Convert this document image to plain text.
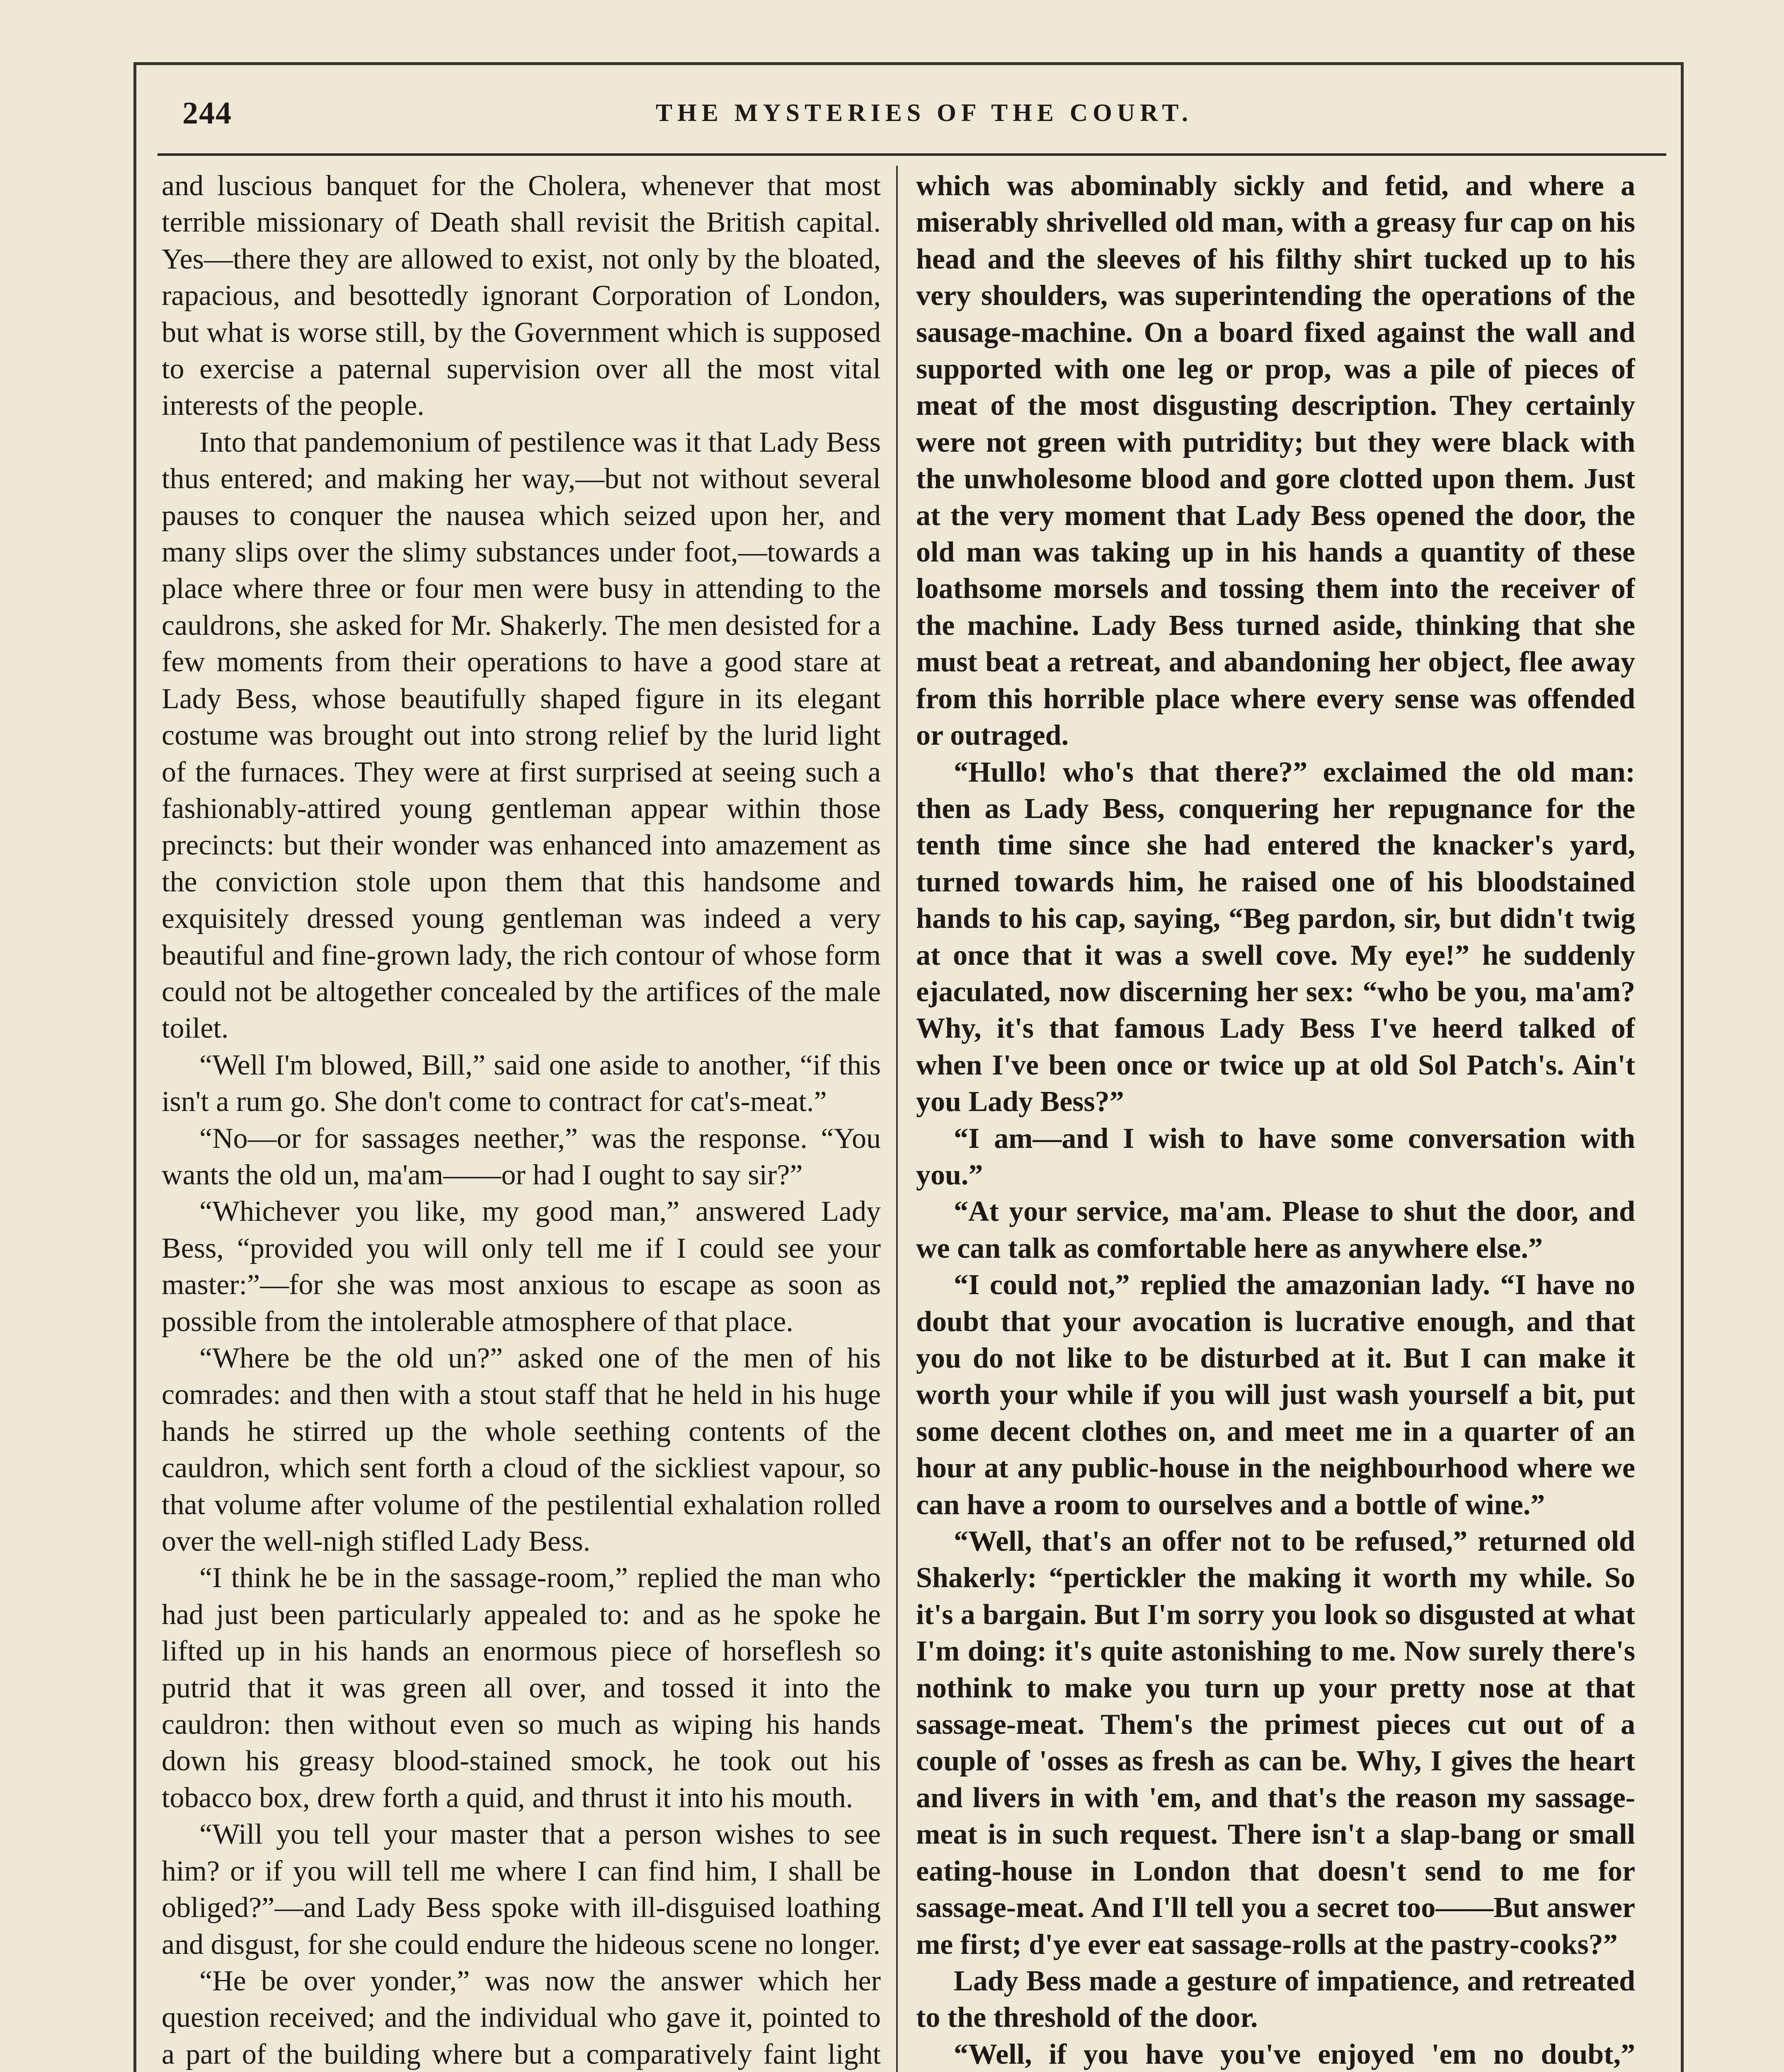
244	THE MYSTERIES OF THE COURT.

and luscious banquet for the Cholera, whenever that most terrible missionary of Death shall revisit the British capital. Yes—there they are allowed to exist, not only by the bloated, rapacious, and besottedly ignorant Corporation of London, but what is worse still, by the Government which is supposed to exercise a paternal supervision over all the most vital interests of the people.

Into that pandemonium of pestilence was it that Lady Bess thus entered; and making her way,—but not without several pauses to conquer the nausea which seized upon her, and many slips over the slimy substances under foot,—towards a place where three or four men were busy in attending to the cauldrons, she asked for Mr. Shakerly. The men desisted for a few moments from their operations to have a good stare at Lady Bess, whose beautifully shaped figure in its elegant costume was brought out into strong relief by the lurid light of the furnaces. They were at first surprised at seeing such a fashionably-attired young gentleman appear within those precincts: but their wonder was enhanced into amazement as the conviction stole upon them that this handsome and exquisitely dressed young gentleman was indeed a very beautiful and fine-grown lady, the rich contour of whose form could not be altogether concealed by the artifices of the male toilet.

“Well I'm blowed, Bill,” said one aside to another, “if this isn't a rum go. She don't come to contract for cat's-meat.”

“No—or for sassages neether,” was the response. “You wants the old un, ma'am——or had I ought to say sir?”

“Whichever you like, my good man,” answered Lady Bess, “provided you will only tell me if I could see your master:”—for she was most anxious to escape as soon as possible from the intolerable atmosphere of that place.

“Where be the old un?” asked one of the men of his comrades: and then with a stout staff that he held in his huge hands he stirred up the whole seething contents of the cauldron, which sent forth a cloud of the sickliest vapour, so that volume after volume of the pestilential exhalation rolled over the well-nigh stifled Lady Bess.

“I think he be in the sassage-room,” replied the man who had just been particularly appealed to: and as he spoke he lifted up in his hands an enormous piece of horseflesh so putrid that it was green all over, and tossed it into the cauldron: then without even so much as wiping his hands down his greasy blood-stained smock, he took out his tobacco box, drew forth a quid, and thrust it into his mouth.

“Will you tell your master that a person wishes to see him? or if you will tell me where I can find him, I shall be obliged?”—and Lady Bess spoke with ill-disguised loathing and disgust, for she could endure the hideous scene no longer.

“He be over yonder,” was now the answer which her question received; and the individual who gave it, pointed to a part of the building where but a comparatively faint light

which was abominably sickly and fetid, and where a miserably shrivelled old man, with a greasy fur cap on his head and the sleeves of his filthy shirt tucked up to his very shoulders, was superintending the operations of the sausage-machine. On a board fixed against the wall and supported with one leg or prop, was a pile of pieces of meat of the most disgusting description. They certainly were not green with putridity; but they were black with the unwholesome blood and gore clotted upon them. Just at the very moment that Lady Bess opened the door, the old man was taking up in his hands a quantity of these loathsome morsels and tossing them into the receiver of the machine. Lady Bess turned aside, thinking that she must beat a retreat, and abandoning her object, flee away from this horrible place where every sense was offended or outraged.

“Hullo! who's that there?” exclaimed the old man: then as Lady Bess, conquering her repugnance for the tenth time since she had entered the knacker's yard, turned towards him, he raised one of his bloodstained hands to his cap, saying, “Beg pardon, sir, but didn't twig at once that it was a swell cove. My eye!” he suddenly ejaculated, now discerning her sex: “who be you, ma'am? Why, it's that famous Lady Bess I've heerd talked of when I've been once or twice up at old Sol Patch's. Ain't you Lady Bess?”

“I am—and I wish to have some conversation with you.”

“At your service, ma'am. Please to shut the door, and we can talk as comfortable here as anywhere else.”

“I could not,” replied the amazonian lady. “I have no doubt that your avocation is lucrative enough, and that you do not like to be disturbed at it. But I can make it worth your while if you will just wash yourself a bit, put some decent clothes on, and meet me in a quarter of an hour at any public-house in the neighbourhood where we can have a room to ourselves and a bottle of wine.”

“Well, that's an offer not to be refused,” returned old Shakerly: “pertickler the making it worth my while. So it's a bargain. But I'm sorry you look so disgusted at what I'm doing: it's quite astonishing to me. Now surely there's nothink to make you turn up your pretty nose at that sassage-meat. Them's the primest pieces cut out of a couple of 'osses as fresh as can be. Why, I gives the heart and livers in with 'em, and that's the reason my sassage-meat is in such request. There isn't a slap-bang or small eating-house in London that doesn't send to me for sassage-meat. And I'll tell you a secret too——But answer me first; d'ye ever eat sassage-rolls at the pastry-cooks?”

Lady Bess made a gesture of impatience, and retreated to the threshold of the door.

“Well, if you have you've enjoyed 'em no doubt,”
